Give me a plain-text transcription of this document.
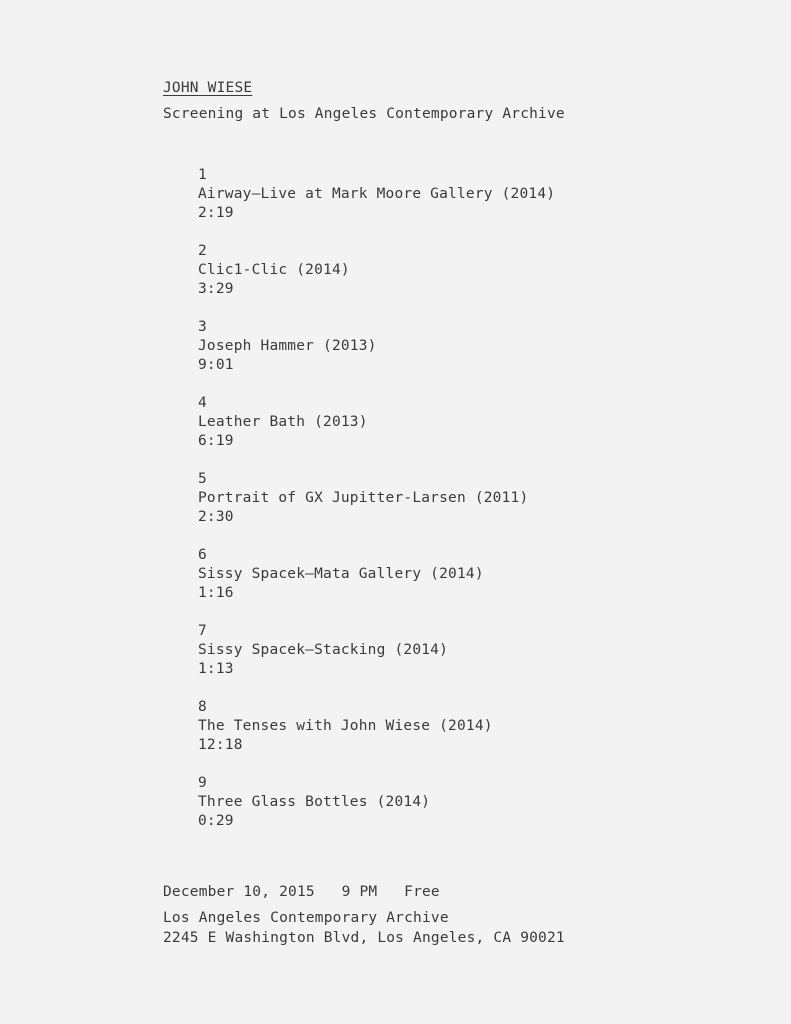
JOHN WIESE
Screening at Los Angeles Contemporary Archive
1
Airway—Live at Mark Moore Gallery (2014)
2:19
2
Clic1-Clic (2014)
3:29
3
Joseph Hammer (2013)
9:01
4
Leather Bath (2013)
6:19
5
Portrait of GX Jupitter-Larsen (2011)
2:30
6
Sissy Spacek—Mata Gallery (2014)
1:16
7
Sissy Spacek—Stacking (2014)
1:13
8
The Tenses with John Wiese (2014)
12:18
9
Three Glass Bottles (2014)
0:29
December 10, 2015 9 PM Free
Los Angeles Contemporary Archive
2245 E Washington Blvd, Los Angeles, CA 90021
